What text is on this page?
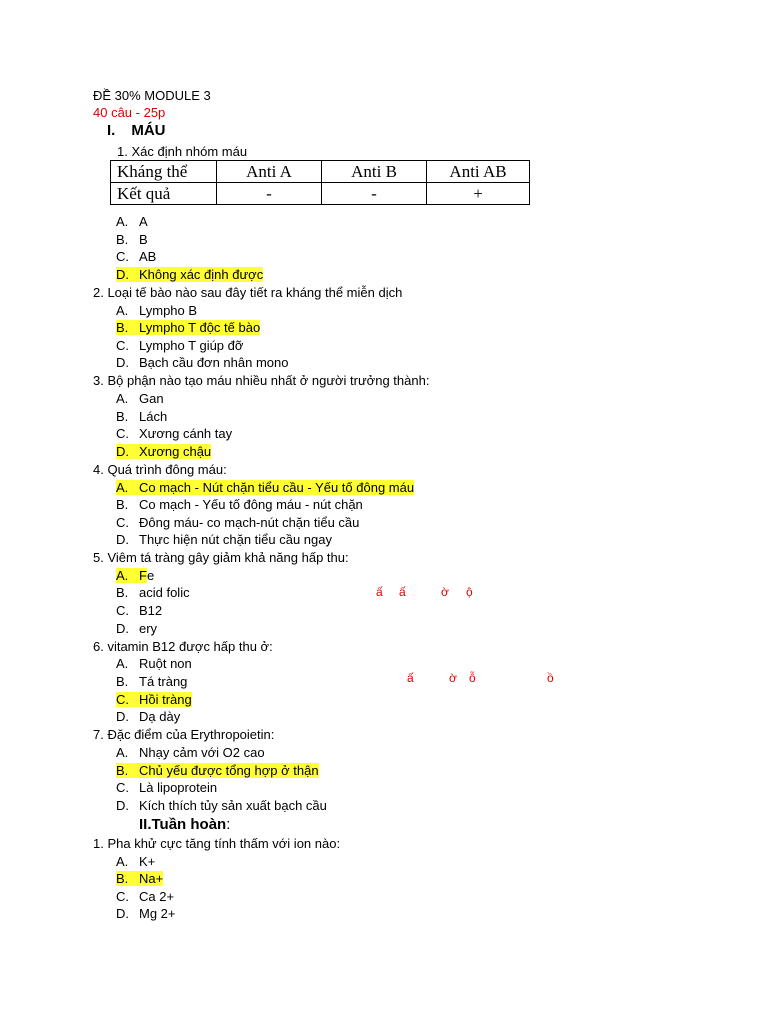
ĐỀ 30% MODULE 3
40 câu - 25p
I. MÁU
1. Xác định nhóm máu
Kháng thể	Anti A	Anti B	Anti AB
Kết quả	-	-	+
A. A
B. B
C. AB
D. Không xác định được
2. Loại tế bào nào sau đây tiết ra kháng thể miễn dịch
A. Lympho B
B. Lympho T độc tế bào
C. Lympho T giúp đỡ
D. Bạch cầu đơn nhân mono
3. Bộ phận nào tạo máu nhiều nhất ở người trưởng thành:
A. Gan
B. Lách
C. Xương cánh tay
D. Xương chậu
4. Quá trình đông máu:
A. Co mạch - Nút chặn tiểu cầu - Yếu tố đông máu
B. Co mạch - Yếu tố đông máu - nút chặn
C. Đông máu- co mạch-nút chặn tiểu cầu
D. Thực hiện nút chặn tiểu cầu ngay
5. Viêm tá tràng gây giảm khả năng hấp thu:
A. Fe
B. acid folic
C. B12
D. ery
ấ ấ	ờ ộ
6. vitamin B12 được hấp thu ở:
A. Ruột non
B. Tá tràng
C. Hồi tràng
D. Dạ dày
ấ	ờ ỗ	ồ
7. Đặc điểm của Erythropoietin:
A. Nhạy cảm với O2 cao
B. Chủ yếu được tổng hợp ở thận
C. Là lipoprotein
D. Kích thích tủy sản xuất bạch cầu
II.Tuần hoàn:
1. Pha khử cực tăng tính thấm với ion nào:
A. K+
B. Na+
C. Ca 2+
D. Mg 2+
